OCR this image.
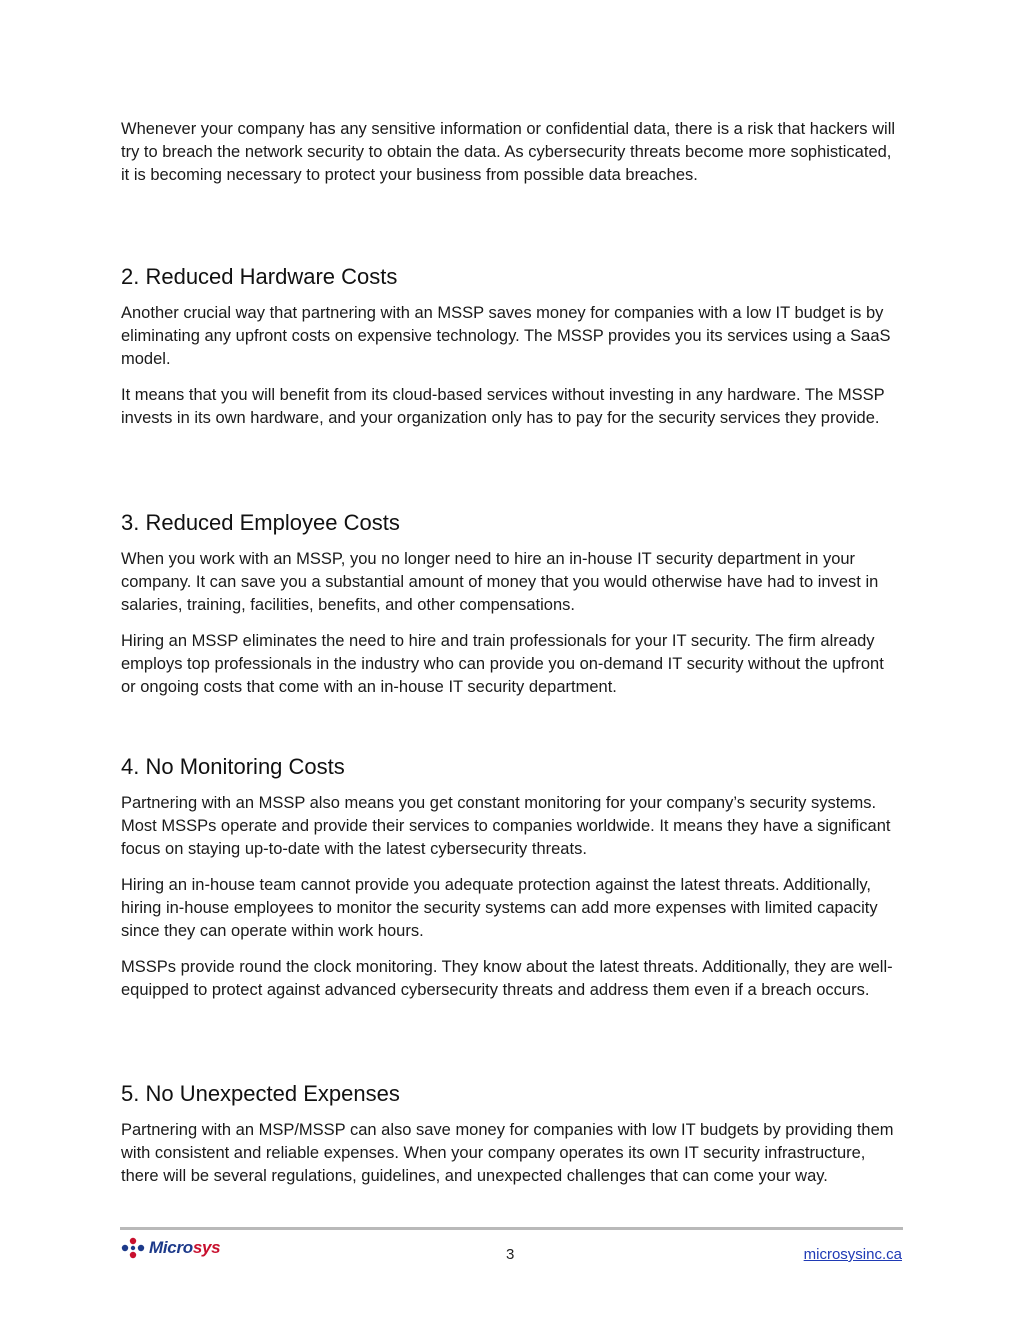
Whenever your company has any sensitive information or confidential data, there is a risk that hackers will try to breach the network security to obtain the data. As cybersecurity threats become more sophisticated, it is becoming necessary to protect your business from possible data breaches.

2. Reduced Hardware Costs

Another crucial way that partnering with an MSSP saves money for companies with a low IT budget is by eliminating any upfront costs on expensive technology. The MSSP provides you its services using a SaaS model.

It means that you will benefit from its cloud-based services without investing in any hardware. The MSSP invests in its own hardware, and your organization only has to pay for the security services they provide.

3. Reduced Employee Costs

When you work with an MSSP, you no longer need to hire an in-house IT security department in your company. It can save you a substantial amount of money that you would otherwise have had to invest in salaries, training, facilities, benefits, and other compensations.

Hiring an MSSP eliminates the need to hire and train professionals for your IT security. The firm already employs top professionals in the industry who can provide you on-demand IT security without the upfront or ongoing costs that come with an in-house IT security department.

4. No Monitoring Costs

Partnering with an MSSP also means you get constant monitoring for your company’s security systems. Most MSSPs operate and provide their services to companies worldwide. It means they have a significant focus on staying up-to-date with the latest cybersecurity threats.

Hiring an in-house team cannot provide you adequate protection against the latest threats. Additionally, hiring in-house employees to monitor the security systems can add more expenses with limited capacity since they can operate within work hours.

MSSPs provide round the clock monitoring. They know about the latest threats. Additionally, they are well-equipped to protect against advanced cybersecurity threats and address them even if a breach occurs.

5. No Unexpected Expenses

Partnering with an MSP/MSSP can also save money for companies with low IT budgets by providing them with consistent and reliable expenses. When your company operates its own IT security infrastructure, there will be several regulations, guidelines, and unexpected challenges that can come your way.

Microsys	3	microsysinc.ca
